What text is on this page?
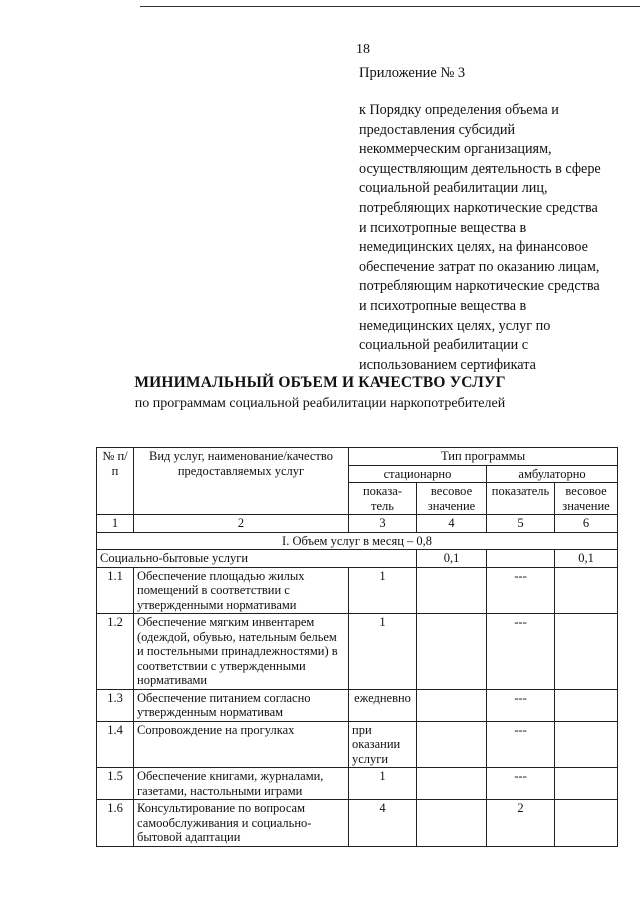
18
Приложение № 3
к Порядку определения объема и
предоставления субсидий
некоммерческим организациям,
осуществляющим деятельность в сфере
социальной реабилитации лиц,
потребляющих наркотические средства
и психотропные вещества в
немедицинских целях, на финансовое
обеспечение затрат по оказанию лицам,
потребляющим наркотические средства
и психотропные вещества в
немедицинских целях, услуг по
социальной реабилитации с
использованием сертификата
МИНИМАЛЬНЫЙ ОБЪЕМ И КАЧЕСТВО УСЛУГ
по программам социальной реабилитации наркопотребителей
№ п/п	Вид услуг, наименование/качество предоставляемых услуг	Тип программы			
		стационарно		амбулаторно	
		показа-тель	весовое значение	показатель	весовое значение
1	2	3	4	5	6
I. Объем услуг в месяц – 0,8					
Социально-бытовые услуги			0,1		0,1
1.1	Обеспечение площадью жилых помещений в соответствии с утвержденными нормативами	1		---	
1.2	Обеспечение мягким инвентарем (одеждой, обувью, нательным бельем и постельными принадлежностями) в соответствии с утвержденными нормативами	1		---	
1.3	Обеспечение питанием согласно утвержденным нормативам	ежедневно		---	
1.4	Сопровождение на прогулках	при оказании услуги		---	
1.5	Обеспечение книгами, журналами, газетами, настольными играми	1		---	
1.6	Консультирование по вопросам самообслуживания и социально-бытовой адаптации	4		2	
